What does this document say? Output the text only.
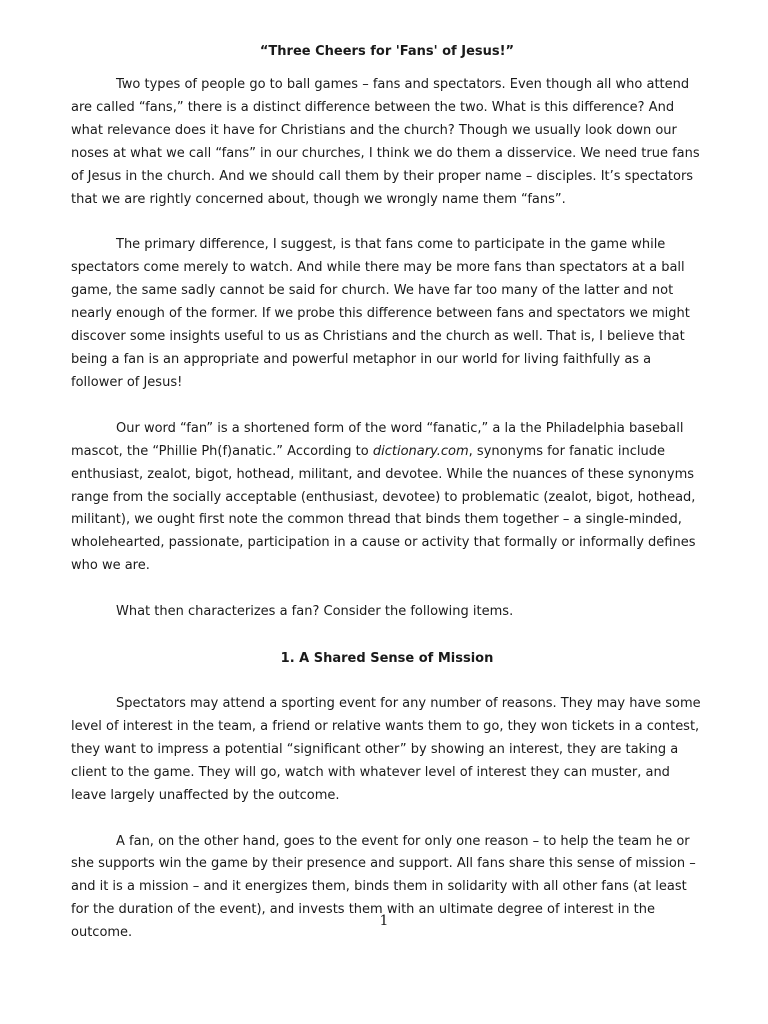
“Three Cheers for 'Fans' of Jesus!”

Two types of people go to ball games – fans and spectators. Even though all who attend are called “fans,” there is a distinct difference between the two. What is this difference? And what relevance does it have for Christians and the church? Though we usually look down our noses at what we call “fans” in our churches, I think we do them a disservice. We need true fans of Jesus in the church. And we should call them by their proper name – disciples. It’s spectators that we are rightly concerned about, though we wrongly name them “fans”.

The primary difference, I suggest, is that fans come to participate in the game while spectators come merely to watch. And while there may be more fans than spectators at a ball game, the same sadly cannot be said for church. We have far too many of the latter and not nearly enough of the former. If we probe this difference between fans and spectators we might discover some insights useful to us as Christians and the church as well. That is, I believe that being a fan is an appropriate and powerful metaphor in our world for living faithfully as a follower of Jesus!

Our word “fan” is a shortened form of the word “fanatic,” a la the Philadelphia baseball mascot, the “Phillie Ph(f)anatic.” According to dictionary.com, synonyms for fanatic include enthusiast, zealot, bigot, hothead, militant, and devotee. While the nuances of these synonyms range from the socially acceptable (enthusiast, devotee) to problematic (zealot, bigot, hothead, militant), we ought first note the common thread that binds them together – a single-minded, wholehearted, passionate, participation in a cause or activity that formally or informally defines who we are.

What then characterizes a fan? Consider the following items.

1. A Shared Sense of Mission

Spectators may attend a sporting event for any number of reasons. They may have some level of interest in the team, a friend or relative wants them to go, they won tickets in a contest, they want to impress a potential “significant other” by showing an interest, they are taking a client to the game. They will go, watch with whatever level of interest they can muster, and leave largely unaffected by the outcome.

A fan, on the other hand, goes to the event for only one reason – to help the team he or she supports win the game by their presence and support. All fans share this sense of mission – and it is a mission – and it energizes them, binds them in solidarity with all other fans (at least for the duration of the event), and invests them with an ultimate degree of interest in the outcome.

1
